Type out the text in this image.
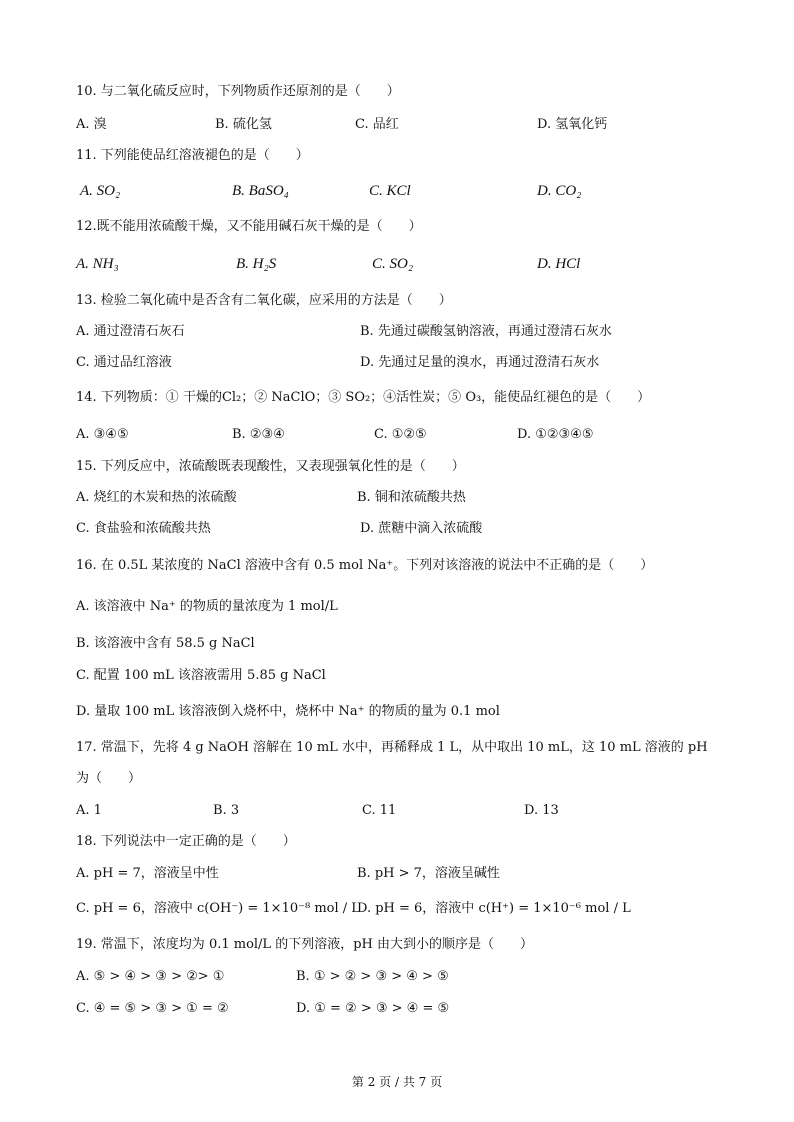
10. 与二氧化硫反应时，下列物质作还原剂的是（　　）
A. 溴	B. 硫化氢	C. 品红	D. 氢氧化钙
11. 下列能使品红溶液褪色的是（　　）
A. SO₂	B. BaSO₄	C. KCl	D. CO₂
12.既不能用浓硫酸干燥，又不能用碱石灰干燥的是（　　）
A. NH₃	B. H₂S	C. SO₂	D. HCl
13. 检验二氧化硫中是否含有二氧化碳，应采用的方法是（　　）
A. 通过澄清石灰石	B. 先通过碳酸氢钠溶液，再通过澄清石灰水
C. 通过品红溶液	D. 先通过足量的溴水，再通过澄清石灰水
14. 下列物质：① 干燥的Cl₂；② NaClO；③ SO₂；④活性炭；⑤ O₃，能使品红褪色的是（　　）
A. ③④⑤	B. ②③④	C. ①②⑤	D. ①②③④⑤
15. 下列反应中，浓硫酸既表现酸性，又表现强氧化性的是（　　）
A. 烧红的木炭和热的浓硫酸	B. 铜和浓硫酸共热
C. 食盐验和浓硫酸共热	D. 蔗糖中滴入浓硫酸
16. 在 0.5L 某浓度的 NaCl 溶液中含有 0.5 mol Na⁺。下列对该溶液的说法中不正确的是（　　）
A. 该溶液中 Na⁺ 的物质的量浓度为 1 mol/L
B. 该溶液中含有 58.5 g NaCl
C. 配置 100 mL 该溶液需用 5.85 g NaCl
D. 量取 100 mL 该溶液倒入烧杯中，烧杯中 Na⁺ 的物质的量为 0.1 mol
17. 常温下，先将 4 g NaOH 溶解在 10 mL 水中，再稀释成 1 L，从中取出 10 mL，这 10 mL 溶液的 pH
为（　　）
A. 1	B. 3	C. 11	D. 13
18. 下列说法中一定正确的是（　　）
A. pH = 7，溶液呈中性	B. pH > 7，溶液呈碱性
C. pH = 6，溶液中 c(OH⁻) = 1×10⁻⁸ mol / L
D. pH = 6，溶液中 c(H⁺) = 1×10⁻⁶ mol / L
19. 常温下，浓度均为 0.1 mol/L 的下列溶液，pH 由大到小的顺序是（　　）
A. ⑤ > ④ > ③ > ②> ①	B. ① > ② > ③ > ④ > ⑤
C. ④ = ⑤ > ③ > ① = ②	D. ① = ② > ③ > ④ = ⑤
第 2 页 / 共 7 页
